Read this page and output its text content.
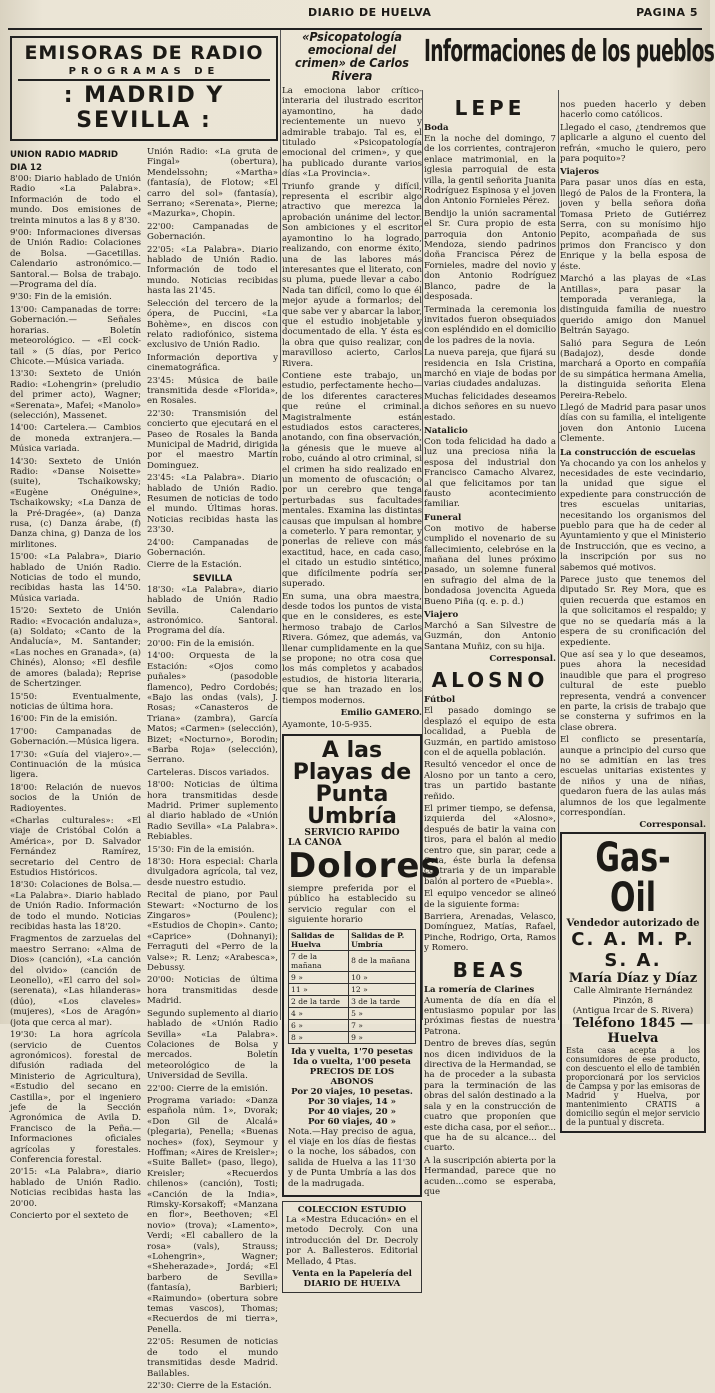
DIARIO DE HUELVA	PAGINA 5
EMISORAS DE RADIO
PROGRAMAS DE
: MADRID Y SEVILLA :
UNION RADIO MADRID
DIA 12

8'00: Diario hablado de Unión Radio «La Palabra». Información de todo el mundo. Dos emisiones de treinta minutos a las 8 y 8'30.

9'00: Informaciones diversas de Unión Radio: Colaciones de Bolsa. —Gacetillas. Calendario astronómico.— Santoral.— Bolsa de trabajo.—Programa del día.

9'30: Fin de la emisión.

13'00: Campanadas de torre: Gobernación.— Señales horarias. Boletín meteorológico. — «El cock-tail » (5 días, por Perico Chicote.—Música variada.

13'30: Sexteto de Unión Radio: «Lohengrin» (preludio del primer acto), Wagner; «Serenata», Mafei; «Manolo» (selección), Massenet.

14'00: Cartelera.— Cambios de moneda extranjera.— Música variada.

14'30: Sexteto de Unión Radio: «Danse Noisette» (suite), Tschaikowsky; «Eugène Onéguine», Tschaikowsky; «La Danza de la Pré-Dragée», (a) Danza rusa, (c) Danza árabe, (f) Danza china, g) Danza de los mirlitones.

15'00: «La Palabra», Diario hablado de Unión Radio. Noticias de todo el mundo, recibidas hasta las 14'50. Música variada.

15'20: Sexteto de Unión Radio: «Evocación andaluza», (a) Soldato; «Canto de la Andalucía», M. Santander; «Las noches en Granada», (a) Chinés), Alonso; «El desfile de amores (balada); Reprise de Schertzinger.

15'50: Eventualmente, noticias de última hora.

16'00: Fin de la emisión.

17'00: Campanadas de Gobernación.—Música ligera.

17'30: «Guía del viajero».— Continuación de la música ligera.

18'00: Relación de nuevos socios de la Unión de Radioyentes.

«Charlas culturales»: «El viaje de Cristóbal Colón a América», por D. Salvador Fernández Ramírez, secretario del Centro de Estudios Históricos.

18'30: Colaciones de Bolsa.— «La Palabra». Diario hablado de Unión Radio. Información de todo el mundo. Noticias recibidas hasta las 18'20.

Fragmentos de zarzuelas del maestro Serrano: «Alma de Dios» (canción), «La canción del olvido» (canción de Leonello), «El carro del sol» (serenata), «Las hilanderas» (dúo), «Los claveles» (mujeres), «Los de Aragón» (jota que cerca al mar).

19'30: La hora agrícola (servicio de Cuentos agronómicos). forestal de difusión radiada del Ministerio de Agricultura), «Estudio del secano en Castilla», por el ingeniero jefe de la Sección Agronómica de Avila D. Francisco de la Peña.— Informaciones oficiales agrícolas y forestales. Conferencia forestal.

20'15: «La Palabra», diario hablado de Unión Radio. Noticias recibidas hasta las 20'00.

Concierto por el sexteto de

Unión Radio: «La gruta de Fingal» (obertura), Mendelssohn; «Martha» (fantasía), de Flotow; «El carro del sol» (fantasía), Serrano; «Serenata», Pierne; «Mazurka», Chopin.

22'00: Campanadas de Gobernación.

22'05: «La Palabra». Diario hablado de Unión Radio. Información de todo el mundo. Noticias recibidas hasta las 21'45.

Selección del tercero de la ópera, de Puccini, «La Bohème», en discos con relato radiofónico, sistema exclusivo de Unión Radio.

Información deportiva y cinematográfica.

23'45: Música de baile transmitida desde «Florida», en Rosales.

22'30: Transmisión del concierto que ejecutará en el Paseo de Rosales la Banda Municipal de Madrid, dirigida por el maestro Martín Dominguez.

23'45: «La Palabra». Diario hablado de Unión Radio. Resumen de noticias de todo el mundo. Últimas horas. Noticias recibidas hasta las 23'30.

24'00: Campanadas de Gobernación.

Cierre de la Estación.

SEVILLA

18'30: «La Palabra», diario hablado de Unión Radio Sevilla. Calendario astronómico. Santoral. Programa del día.

20'00: Fin de la emisión.

14'00: Orquesta de la Estación: «Ojos como puñales» (pasodoble flamenco), Pedro Cordobés; «Bajo las ondas (vals), J. Rosas; «Canasteros de Triana» (zambra), García Matos; «Carmen» (selección), Bizet; «Nocturno», Borodin; «Barba Roja» (selección), Serrano.

Carteleras. Discos variados.

18'00: Noticias de última hora transmitidas desde Madrid. Primer suplemento al diario hablado de «Unión Radio Sevilla» «La Palabra». Rebiables.

15'30: Fin de la emisión.

18'30: Hora especial: Charla divulgadora agrícola, tal vez, desde nuestro estudio.

Recital de piano, por Paul Stewart: «Nocturno de los Zingaros» (Poulenc); «Estudios de Chopin». Canto; «Caprice» (Dohnanyi); Ferraguti del «Perro de la valse»; R. Lenz; «Arabesca», Debussy.

20'00: Noticias de última hora transmitidas desde Madrid.

Segundo suplemento al diario hablado de «Unión Radio Sevilla» «La Palabra». Colaciones de Bolsa y mercados. Boletín meteorológico de la Universidad de Sevilla.

22'00: Cierre de la emisión.

Programa variado: «Danza española núm. 1», Dvorak; «Don Gil de Alcalá» (plegaria), Penella; «Buenas noches» (fox), Seymour y Hoffman; «Aires de Kreisler»; «Suite Ballet» (paso, llego), Kreisler; «Recuerdos chilenos» (canción), Tosti; «Canción de la India», Rimsky-Korsakoff; «Manzana en flor», Beethoven; «El novio» (trova); «Lamento», Verdi; «El caballero de la rosa» (vals), Strauss; «Lohengrin», Wagner; «Sheherazade», Jordá; «El barbero de Sevilla» (fantasía), Barbieri; «Raimundo» (obertura sobre temas vascos), Thomas; «Recuerdos de mi tierra», Penella.

22'05: Resumen de noticias de todo el mundo transmitidas desde Madrid. Bailables.

22'30: Cierre de la Estación.

«Psicopatología emocional del crimen» de Carlos Rivera

La emociona labor crítico-interaria del ilustrado escritor ayamontino, ha dado recientemente un nuevo y admirable trabajo. Tal es, el titulado «Psicopatología emocional del crimen», y que ha publicado durante varios días «La Provincia».

Triunfo grande y difícil, representa el escribir algo atractivo que merezca la aprobación unánime del lector. Son ambiciones y el escritor ayamontino lo ha logrado, realizando, con enorme éxito, una de las labores más interesantes que el literato, con su pluma, puede llevar a cabo. Nada tan difícil, como lo que él mejor ayude a formarlos; del que sabe ver y abarcar la labor, que el estudio inobjetable y documentado de ella. Y ésta es la obra que quiso realizar, con maravilloso acierto, Carlos Rivera.

Contiene este trabajo, un estudio, perfectamente hecho—de los diferentes caracteres que reúne el criminal. Magistralmente están estudiados estos caracteres, anotando, con fina observación, la génesis que le mueve al robo, cuándo al otro criminal, si el crimen ha sido realizado en un momento de ofuscación; o por un cerebro que tenga perturbadas sus facultades mentales. Examina las distintas causas que impulsan al hombre a cometerlo. Y para remontar, y ponerlas de relieve con más exactitud, hace, en cada caso, el citado un estudio sintético, que difícilmente podría ser superado.

En suma, una obra maestra, desde todos los puntos de vista que en le consideres, es este hermoso trabajo de Carlos Rivera. Gómez, que además, va llenar cumplidamente en la que se propone; no otra cosa que los más completos y acabados estudios, de historia literaria, que se han trazado en los tiempos modernos.

Emilio GAMERO.
Ayamonte, 10-5-935.
A las Playas de Punta Umbría
SERVICIO RAPIDO
LA CANOA
Dolores

siempre preferida por el público ha establecido su servicio regular con el siguiente horario

Salidas de Huelva	Salidas de P. Umbría
7 de la mañana	8 de la mañana
9 »	10 »
11 »	12 »
2 de la tarde	3 de la tarde
4 »	5 »
6 »	7 »
8 »	9 »
Ida y vuelta, 1'70 pesetas
Ida o vuelta, 1'00 peseta
PRECIOS DE LOS ABONOS
Por 20 viajes, 10 pesetas.
Por 30 viajes, 14 »
Por 40 viajes, 20 »
Por 60 viajes, 40 »

Nota.—Hay preciso de agua, el viaje en los días de fiestas o la noche, los sábados, con salida de Huelva a las 11'30 y de Punta Umbría a las dos de la madrugada.

COLECCION ESTUDIO

La «Mestra Educación» en el metodo Decroly. Con una introducción del Dr. Decroly por A. Ballesteros. Editorial Mellado, 4 Ptas.

Venta en la Papelería del DIARIO DE HUELVA
Informaciones de los pueblos
LEPE
Boda

En la noche del domingo, 7 de los corrientes, contrajeron enlace matrimonial, en la iglesia parroquial de esta villa, la gentil señorita Juanita Rodríguez Espinosa y el joven don Antonio Fornieles Pérez.

Bendijo la unión sacramental el Sr. Cura propio de esta parroquia don Antonio Mendoza, siendo padrinos doña Francisca Pérez de Fornieles, madre del novio y don Antonio Rodríguez Blanco, padre de la desposada.

Terminada la ceremonia los invitados fueron obsequiados con espléndido en el domicilio de los padres de la novia.

La nueva pareja, que fijará su residencia en Isla Cristina, marchó en viaje de bodas por varias ciudades andaluzas.

Muchas felicidades deseamos a dichos señores en su nuevo estado.

Natalicio

Con toda felicidad ha dado a luz una preciosa niña la esposa del industrial don Francisco Camacho Alvarez, al que felicitamos por tan fausto acontecimiento familiar.

Funeral

Con motivo de haberse cumplido el novenario de su fallecimiento, celebróse en la mañana del lunes próximo pasado, un solemne funeral en sufragio del alma de la bondadosa jovencita Agueda Bueno Piña (q. e. p. d.)

Viajero

Marchó a San Silvestre de Guzmán, don Antonio Santana Muñiz, con su hija.

Corresponsal.
ALOSNO
Fútbol

El pasado domingo se desplazó el equipo de esta localidad, a Puebla de Guzmán, en partido amistoso con el de aquella población.

Resultó vencedor el once de Alosno por un tanto a cero, tras un partido bastante reñido.

El primer tiempo, se defensa, izquierda del «Alosno», después de batir la vaina con tiros, para el balón al medio centro que, sin parar, cede a Orta, éste burla la defensa contraria y de un imparable balón al portero de «Puebla».

El equipo vencedor se alineó de la siguiente forma:

Barriera, Arenadas, Velasco, Domínguez, Matías, Rafael, Pinche, Rodrigo, Orta, Ramos y Romero.

BEAS
La romería de Clarines

Aumenta de día en día el entusiasmo popular por las próximas fiestas de nuestra Patrona.

Dentro de breves días, según nos dicen individuos de la directiva de la Hermandad, se ha de proceder a la subasta para la terminación de las obras del salón destinado a la sala y en la construcción de cuatro que proponíen que este dicha casa, por el señor... que ha de su alcance... del cuarto.

A la suscripción abierta por la Hermandad, parece que no acuden...como se esperaba, que

nos pueden hacerlo y deben hacerlo como católicos.

Llegado el caso, ¿tendremos que aplicarle a alguno el cuento del refrán, «mucho le quiero, pero para poquito»?

Viajeros

Para pasar unos días en esta, llegó de Palos de la Frontera, la joven y bella señora doña Tomasa Prieto de Gutiérrez Serra, con su monísimo hijo Pepito, acompañada de sus primos don Francisco y don Enrique y la bella esposa de éste.

Marchó a las playas de «Las Antillas», para pasar la temporada veraniega, la distinguida familia de nuestro querido amigo don Manuel Beltrán Sayago.

Salió para Segura de León (Badajoz), desde donde marchará a Oporto en compañía de su simpática hermana Amelia, la distinguida señorita Elena Pereira-Rebelo.

Llegó de Madrid para pasar unos días con su familia, el inteligente joven don Antonio Lucena Clemente.

La construcción de escuelas

Ya chocando ya con los anhelos y necesidades de este vecindario, la unidad que sigue el expediente para construcción de tres escuelas unitarias, necesitando los organismos del pueblo para que ha de ceder al Ayuntamiento y que el Ministerio de Instrucción, que es vecino, a la inscripción por sus no sabemos qué motivos.

Parece justo que tenemos del diputado Sr. Rey Mora, que es quien recuerda que estamos en la que solicitamos el respaldo; y que no se quedaría más a la espera de su cronificación del expediente.

Que así sea y lo que deseamos, pues ahora la necesidad inaudible que para el progreso cultural de este pueblo representa, vendrá a convencer en parte, la crisis de trabajo que se consterna y sufrimos en la clase obrera.

El conflicto se presentaría, aunque a principio del curso que no se admitían en las tres escuelas unitarias existentes y de niños y una de niñas, quedaron fuera de las aulas más alumnos de los que legalmente correspondían.

Corresponsal.
Gas-Oil
Vendedor autorizado de
C. A. M. P. S. A.
María Díaz y Díaz
Calle Almirante Hernández Pinzón, 8
(Antigua Ircar de S. Rivera)
Teléfono 1845 — Huelva
Esta casa acepta a los consumidores de ese producto, con descuento el ello de también proporcionará por los servicios de Campsa y por las emisoras de Madrid y Huelva, por mantenimiento CRATIS a domicilio según el mejor servicio de la puntual y discreta.
